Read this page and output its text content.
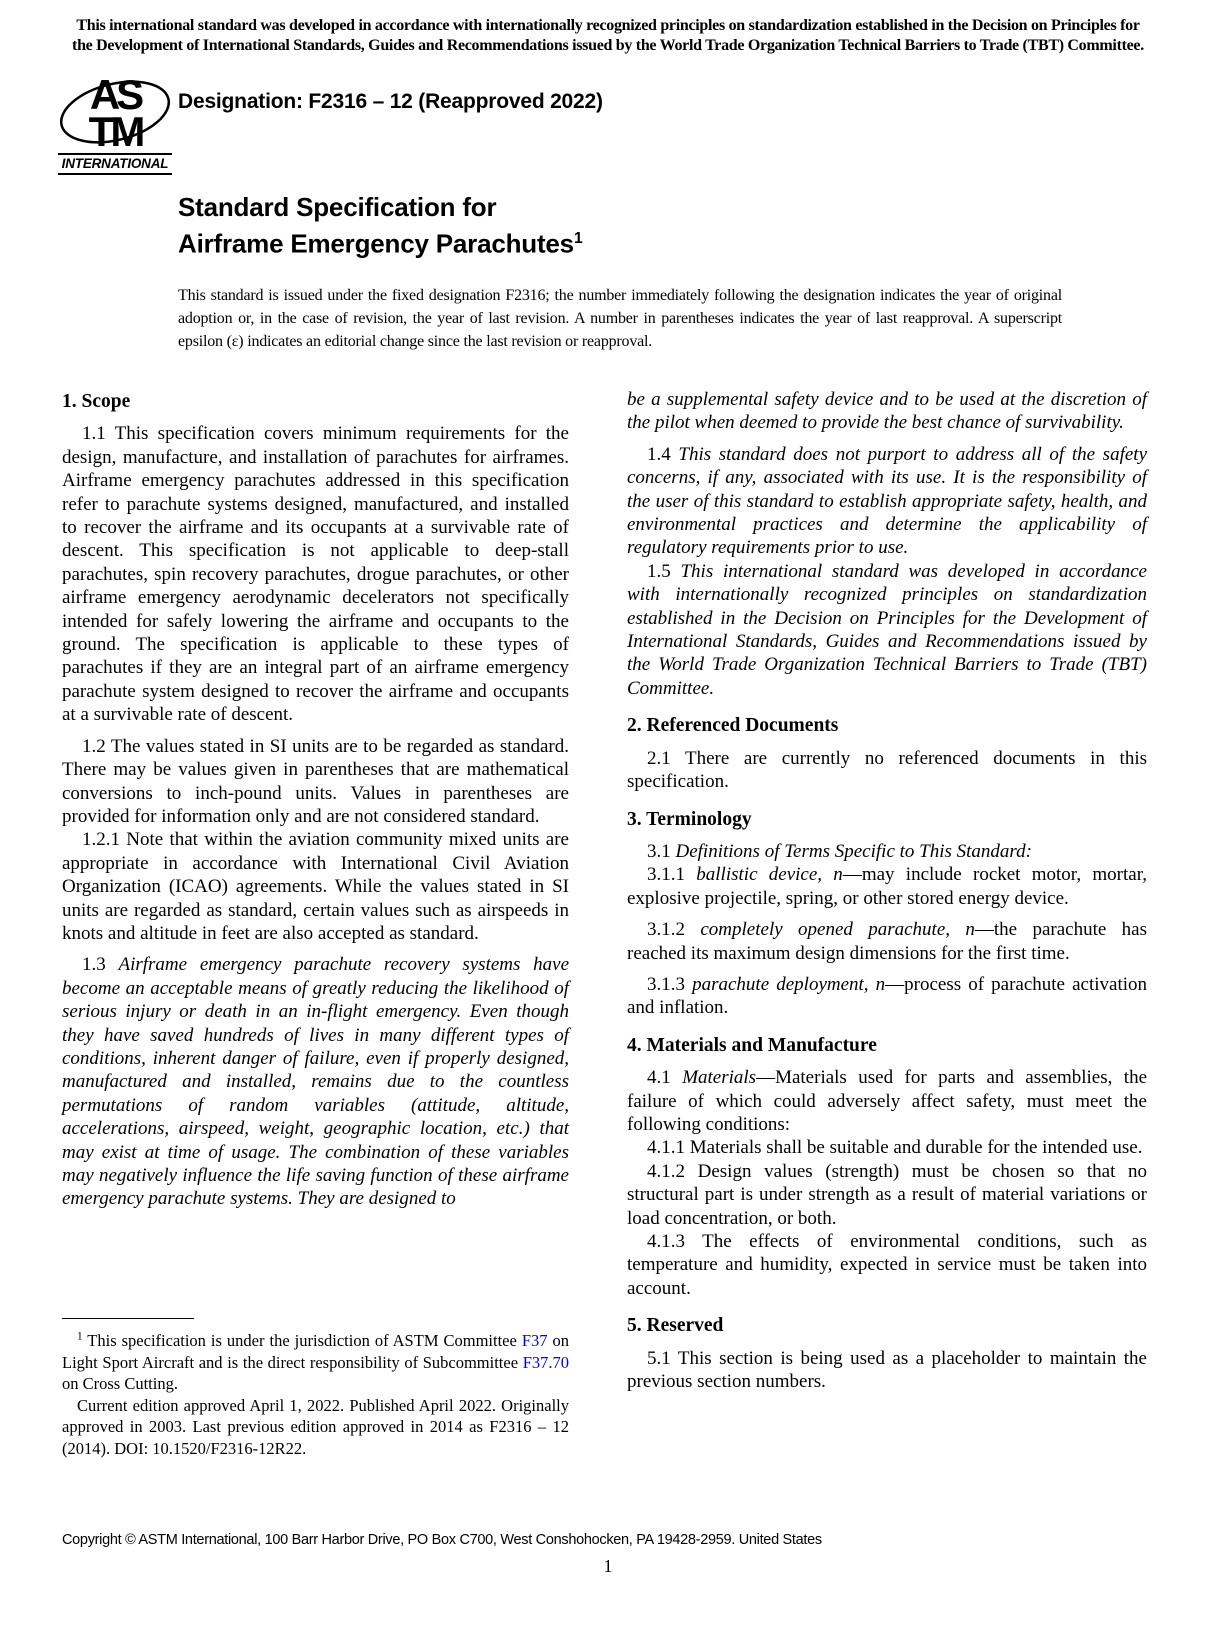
This international standard was developed in accordance with internationally recognized principles on standardization established in the Decision on Principles for the Development of International Standards, Guides and Recommendations issued by the World Trade Organization Technical Barriers to Trade (TBT) Committee.
AS
TM
INTERNATIONAL
Designation: F2316 – 12 (Reapproved 2022)
Standard Specification for
Airframe Emergency Parachutes$^1$
This standard is issued under the fixed designation F2316; the number immediately following the designation indicates the year of original adoption or, in the case of revision, the year of last revision. A number in parentheses indicates the year of last reapproval. A superscript epsilon (ε) indicates an editorial change since the last revision or reapproval.
1. Scope

1.1 This specification covers minimum requirements for the design, manufacture, and installation of parachutes for airframes. Airframe emergency parachutes addressed in this specification refer to parachute systems designed, manufactured, and installed to recover the airframe and its occupants at a survivable rate of descent. This specification is not applicable to deep-stall parachutes, spin recovery parachutes, drogue parachutes, or other airframe emergency aerodynamic decelerators not specifically intended for safely lowering the airframe and occupants to the ground. The specification is applicable to these types of parachutes if they are an integral part of an airframe emergency parachute system designed to recover the airframe and occupants at a survivable rate of descent.

1.2 The values stated in SI units are to be regarded as standard. There may be values given in parentheses that are mathematical conversions to inch-pound units. Values in parentheses are provided for information only and are not considered standard.

1.2.1 Note that within the aviation community mixed units are appropriate in accordance with International Civil Aviation Organization (ICAO) agreements. While the values stated in SI units are regarded as standard, certain values such as airspeeds in knots and altitude in feet are also accepted as standard.

1.3 Airframe emergency parachute recovery systems have become an acceptable means of greatly reducing the likelihood of serious injury or death in an in-flight emergency. Even though they have saved hundreds of lives in many different types of conditions, inherent danger of failure, even if properly designed, manufactured and installed, remains due to the countless permutations of random variables (attitude, altitude, accelerations, airspeed, weight, geographic location, etc.) that may exist at time of usage. The combination of these variables may negatively influence the life saving function of these airframe emergency parachute systems. They are designed to

be a supplemental safety device and to be used at the discretion of the pilot when deemed to provide the best chance of survivability.

1.4 This standard does not purport to address all of the safety concerns, if any, associated with its use. It is the responsibility of the user of this standard to establish appropriate safety, health, and environmental practices and determine the applicability of regulatory requirements prior to use.

1.5 This international standard was developed in accordance with internationally recognized principles on standardization established in the Decision on Principles for the Development of International Standards, Guides and Recommendations issued by the World Trade Organization Technical Barriers to Trade (TBT) Committee.

2. Referenced Documents

2.1 There are currently no referenced documents in this specification.

3. Terminology

3.1 Definitions of Terms Specific to This Standard:

3.1.1 ballistic device, n—may include rocket motor, mortar, explosive projectile, spring, or other stored energy device.

3.1.2 completely opened parachute, n—the parachute has reached its maximum design dimensions for the first time.

3.1.3 parachute deployment, n—process of parachute activation and inflation.

4. Materials and Manufacture

4.1 Materials—Materials used for parts and assemblies, the failure of which could adversely affect safety, must meet the following conditions:

4.1.1 Materials shall be suitable and durable for the intended use.

4.1.2 Design values (strength) must be chosen so that no structural part is under strength as a result of material variations or load concentration, or both.

4.1.3 The effects of environmental conditions, such as temperature and humidity, expected in service must be taken into account.

5. Reserved

5.1 This section is being used as a placeholder to maintain the previous section numbers.

$^1$ This specification is under the jurisdiction of ASTM Committee F37 on Light Sport Aircraft and is the direct responsibility of Subcommittee F37.70 on Cross Cutting.

Current edition approved April 1, 2022. Published April 2022. Originally approved in 2003. Last previous edition approved in 2014 as F2316 – 12 (2014). DOI: 10.1520/F2316-12R22.

Copyright © ASTM International, 100 Barr Harbor Drive, PO Box C700, West Conshohocken, PA 19428-2959. United States
1
